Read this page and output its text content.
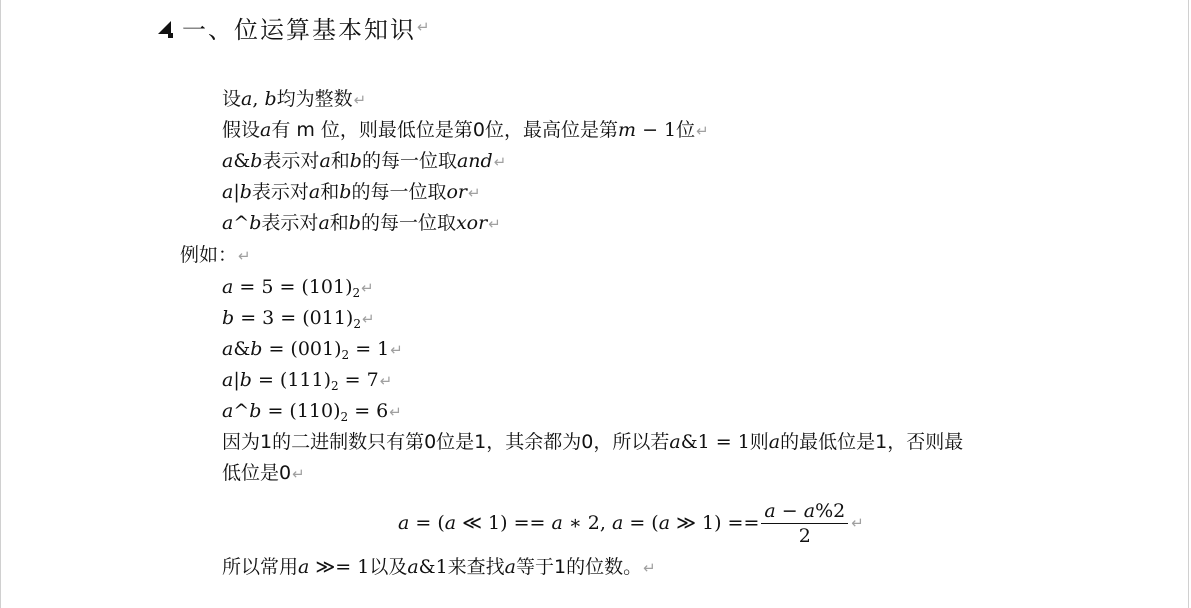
一、位运算基本知识 ↵
设a, b均为整数↵
假设a有 m 位，则最低位是第0位，最高位是第m − 1位↵
a&b表示对a和b的每一位取and↵
a|b表示对a和b的每一位取or↵
a^b表示对a和b的每一位取xor↵
例如：↵
$a = 5 = (101)_2↵$
$b = 3 = (011)_2↵$
a&b = $(001)_2$ = 1↵
$a|b = (111)_2$ = 7↵
a^b = $(110)_2$ = 6↵
因为1的二进制数只有第0位是1，其余都为0，所以若a&1 = 1则a的最低位是1，否则最
低位是0↵
a = (a ≪ 1) == a ∗ 2, a = (a ≫ $1) == \frac{a - a\%2}{2}$ ↵
所以常用a ≫= 1以及a&1来查找a等于1的位数。↵
